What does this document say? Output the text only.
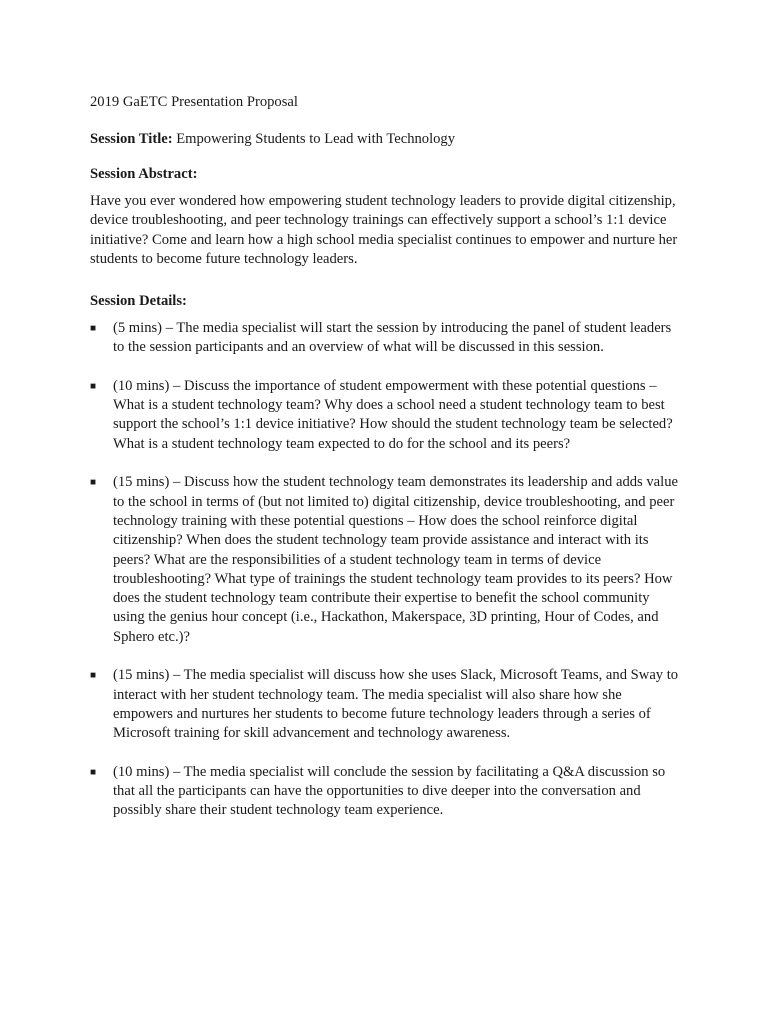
2019 GaETC Presentation Proposal
Session Title: Empowering Students to Lead with Technology
Session Abstract:
Have you ever wondered how empowering student technology leaders to provide digital citizenship, device troubleshooting, and peer technology trainings can effectively support a school’s 1:1 device initiative? Come and learn how a high school media specialist continues to empower and nurture her students to become future technology leaders.
Session Details:
■ (5 mins) – The media specialist will start the session by introducing the panel of student leaders to the session participants and an overview of what will be discussed in this session.
■ (10 mins) – Discuss the importance of student empowerment with these potential questions – What is a student technology team? Why does a school need a student technology team to best support the school’s 1:1 device initiative? How should the student technology team be selected? What is a student technology team expected to do for the school and its peers?
■ (15 mins) – Discuss how the student technology team demonstrates its leadership and adds value to the school in terms of (but not limited to) digital citizenship, device troubleshooting, and peer technology training with these potential questions – How does the school reinforce digital citizenship? When does the student technology team provide assistance and interact with its peers? What are the responsibilities of a student technology team in terms of device troubleshooting? What type of trainings the student technology team provides to its peers? How does the student technology team contribute their expertise to benefit the school community using the genius hour concept (i.e., Hackathon, Makerspace, 3D printing, Hour of Codes, and Sphero etc.)?
■ (15 mins) – The media specialist will discuss how she uses Slack, Microsoft Teams, and Sway to interact with her student technology team. The media specialist will also share how she empowers and nurtures her students to become future technology leaders through a series of Microsoft training for skill advancement and technology awareness.
■ (10 mins) – The media specialist will conclude the session by facilitating a Q&A discussion so that all the participants can have the opportunities to dive deeper into the conversation and possibly share their student technology team experience.
